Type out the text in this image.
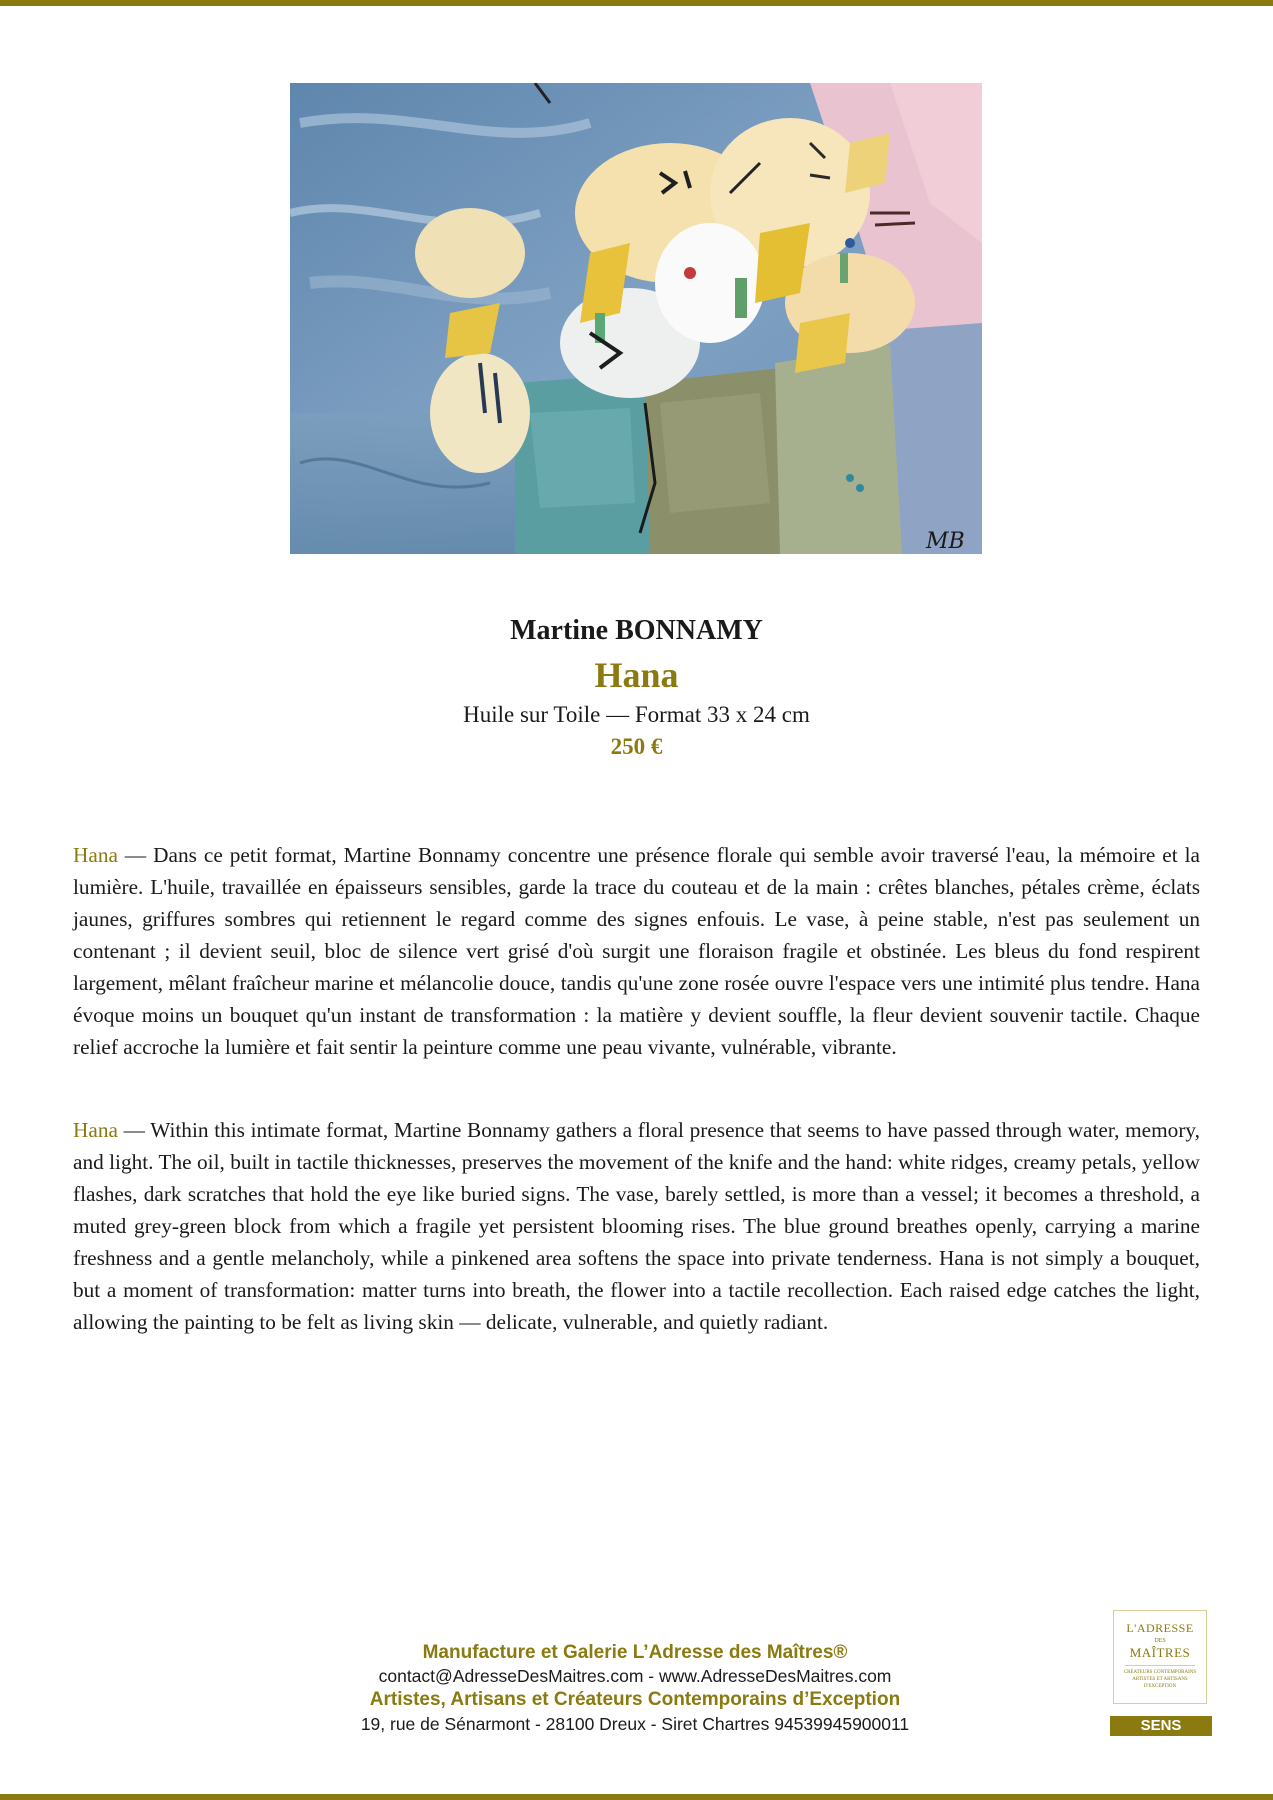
MB
Martine BONNAMY
Hana
Huile sur Toile — Format 33 x 24 cm
250 €
Hana — Dans ce petit format, Martine Bonnamy concentre une présence florale qui semble avoir traversé l'eau, la mémoire et la lumière. L'huile, travaillée en épaisseurs sensibles, garde la trace du couteau et de la main : crêtes blanches, pétales crème, éclats jaunes, griffures sombres qui retiennent le regard comme des signes enfouis. Le vase, à peine stable, n'est pas seulement un contenant ; il devient seuil, bloc de silence vert grisé d'où surgit une floraison fragile et obstinée. Les bleus du fond respirent largement, mêlant fraîcheur marine et mélancolie douce, tandis qu'une zone rosée ouvre l'espace vers une intimité plus tendre. Hana évoque moins un bouquet qu'un instant de transformation : la matière y devient souffle, la fleur devient souvenir tactile. Chaque relief accroche la lumière et fait sentir la peinture comme une peau vivante, vulnérable, vibrante.
Hana — Within this intimate format, Martine Bonnamy gathers a floral presence that seems to have passed through water, memory, and light. The oil, built in tactile thicknesses, preserves the movement of the knife and the hand: white ridges, creamy petals, yellow flashes, dark scratches that hold the eye like buried signs. The vase, barely settled, is more than a vessel; it becomes a threshold, a muted grey-green block from which a fragile yet persistent blooming rises. The blue ground breathes openly, carrying a marine freshness and a gentle melancholy, while a pinkened area softens the space into private tenderness. Hana is not simply a bouquet, but a moment of transformation: matter turns into breath, the flower into a tactile recollection. Each raised edge catches the light, allowing the painting to be felt as living skin — delicate, vulnerable, and quietly radiant.
Manufacture et Galerie L’Adresse des Maîtres®
contact@AdresseDesMaitres.com - www.AdresseDesMaitres.com
Artistes, Artisans et Créateurs Contemporains d’Exception
19, rue de Sénarmont - 28100 Dreux - Siret Chartres 94539945900011
L'ADRESSE
DES
MAÎTRES
CRÉATEURS CONTEMPORAINS ARTISTES ET ARTISANS D'EXCEPTION
SENS
